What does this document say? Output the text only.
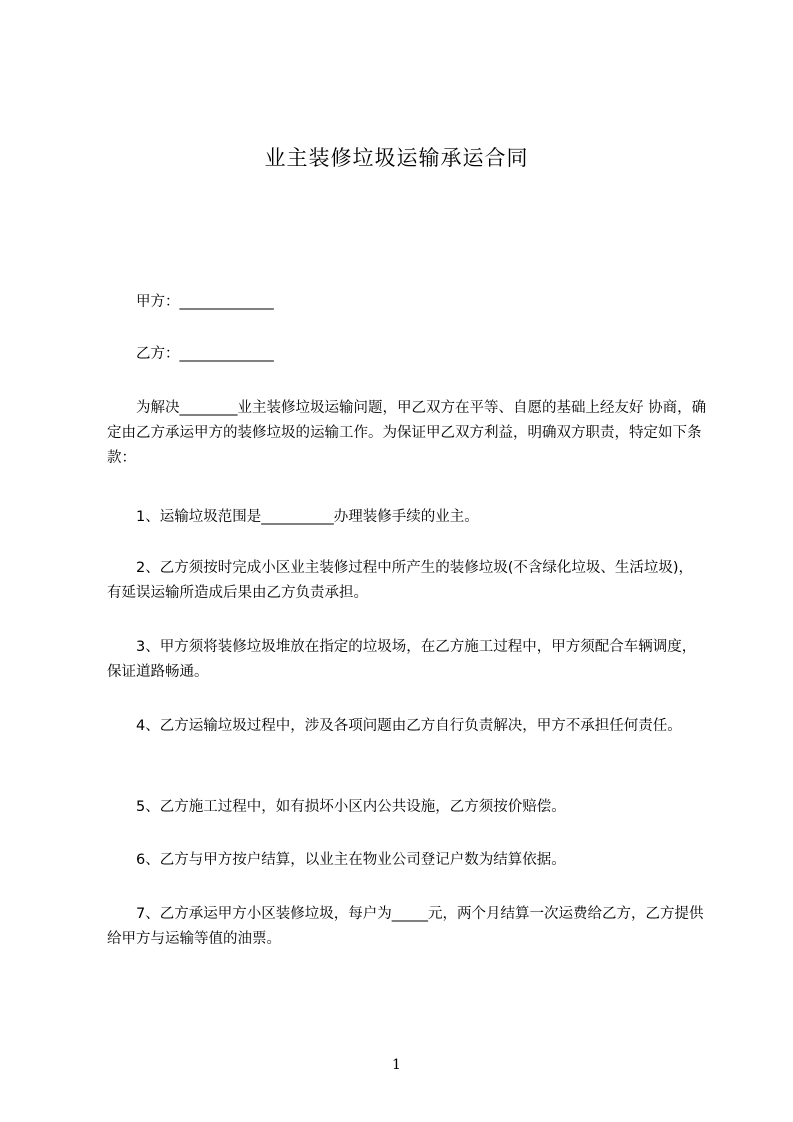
业主装修垃圾运输承运合同

甲方：_____________

乙方：_____________

为解决________业主装修垃圾运输问题，甲乙双方在平等、自愿的基础上经友好 协商，确定由乙方承运甲方的装修垃圾的运输工作。为保证甲乙双方利益，明确双方职责，特定如下条款：

1、运输垃圾范围是__________办理装修手续的业主。

2、乙方须按时完成小区业主装修过程中所产生的装修垃圾(不含绿化垃圾、生活垃圾)，有延误运输所造成后果由乙方负责承担。

3、甲方须将装修垃圾堆放在指定的垃圾场，在乙方施工过程中，甲方须配合车辆调度，保证道路畅通。

4、乙方运输垃圾过程中，涉及各项问题由乙方自行负责解决，甲方不承担任何责任。

5、乙方施工过程中，如有损坏小区内公共设施，乙方须按价赔偿。

6、乙方与甲方按户结算，以业主在物业公司登记户数为结算依据。

7、乙方承运甲方小区装修垃圾，每户为_____元，两个月结算一次运费给乙方，乙方提供给甲方与运输等值的油票。

1
